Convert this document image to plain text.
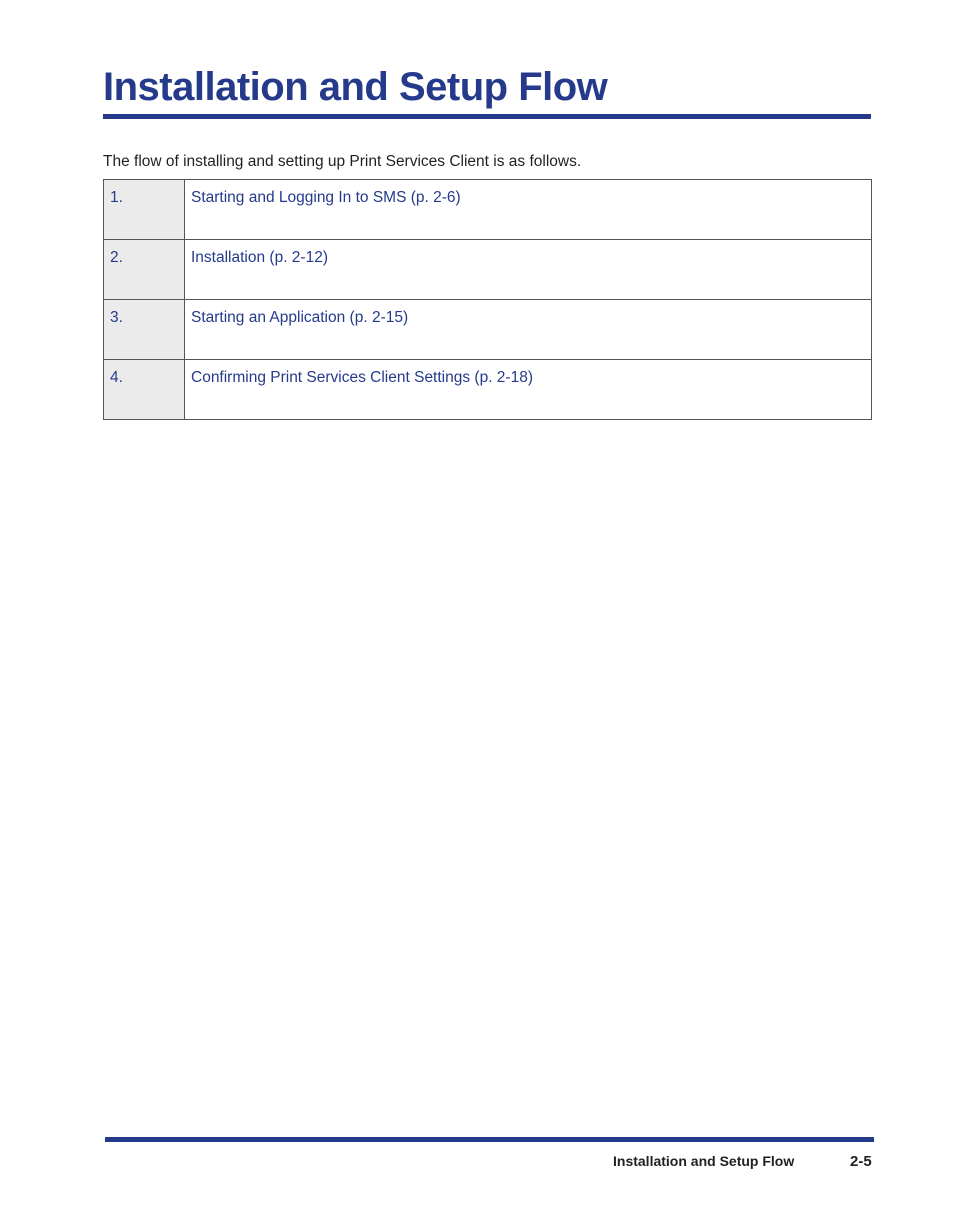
Installation and Setup Flow

The flow of installing and setting up Print Services Client is as follows.

1.	Starting and Logging In to SMS (p. 2-6)
2.	Installation (p. 2-12)
3.	Starting an Application (p. 2-15)
4.	Confirming Print Services Client Settings (p. 2-18)
Installation and Setup Flow	2-5
